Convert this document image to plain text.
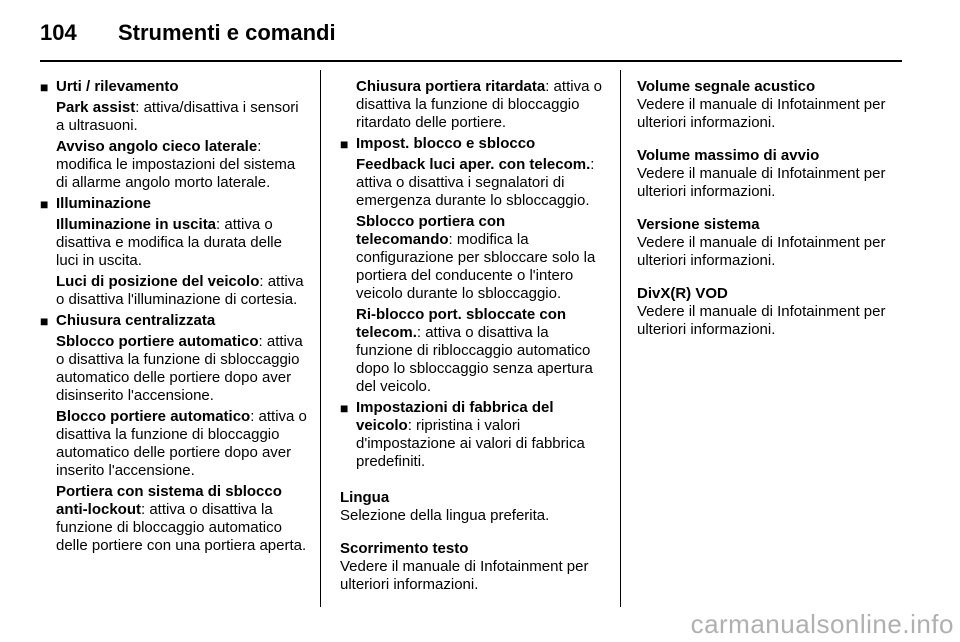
104 Strumenti e comandi
■ Urti / rilevamento
Park assist: attiva/disattiva i sensori a ultrasuoni.
Avviso angolo cieco laterale: modifica le impostazioni del sistema di allarme angolo morto laterale.
■ Illuminazione
Illuminazione in uscita: attiva o disattiva e modifica la durata delle luci in uscita.
Luci di posizione del veicolo: attiva o disattiva l'illuminazione di cortesia.
■ Chiusura centralizzata
Sblocco portiere automatico: attiva o disattiva la funzione di sbloccaggio automatico delle portiere dopo aver disinserito l'accensione.
Blocco portiere automatico: attiva o disattiva la funzione di bloccaggio automatico delle portiere dopo aver inserito l'accensione.
Portiera con sistema di sblocco anti-lockout: attiva o disattiva la funzione di bloccaggio automatico delle portiere con una portiera aperta.
Chiusura portiera ritardata: attiva o disattiva la funzione di bloccaggio ritardato delle portiere.
■ Impost. blocco e sblocco
Feedback luci aper. con telecom.: attiva o disattiva i segnalatori di emergenza durante lo sbloccaggio.
Sblocco portiera con telecomando: modifica la configurazione per sbloccare solo la portiera del conducente o l'intero veicolo durante lo sbloccaggio.
Ri-blocco port. sbloccate con telecom.: attiva o disattiva la funzione di ribloccaggio automatico dopo lo sbloccaggio senza apertura del veicolo.
■ Impostazioni di fabbrica del veicolo: ripristina i valori d'impostazione ai valori di fabbrica predefiniti.
Lingua
Selezione della lingua preferita.
Scorrimento testo
Vedere il manuale di Infotainment per ulteriori informazioni.
Volume segnale acustico
Vedere il manuale di Infotainment per ulteriori informazioni.
Volume massimo di avvio
Vedere il manuale di Infotainment per ulteriori informazioni.
Versione sistema
Vedere il manuale di Infotainment per ulteriori informazioni.
DivX(R) VOD
Vedere il manuale di Infotainment per ulteriori informazioni.
carmanualsonline.info
